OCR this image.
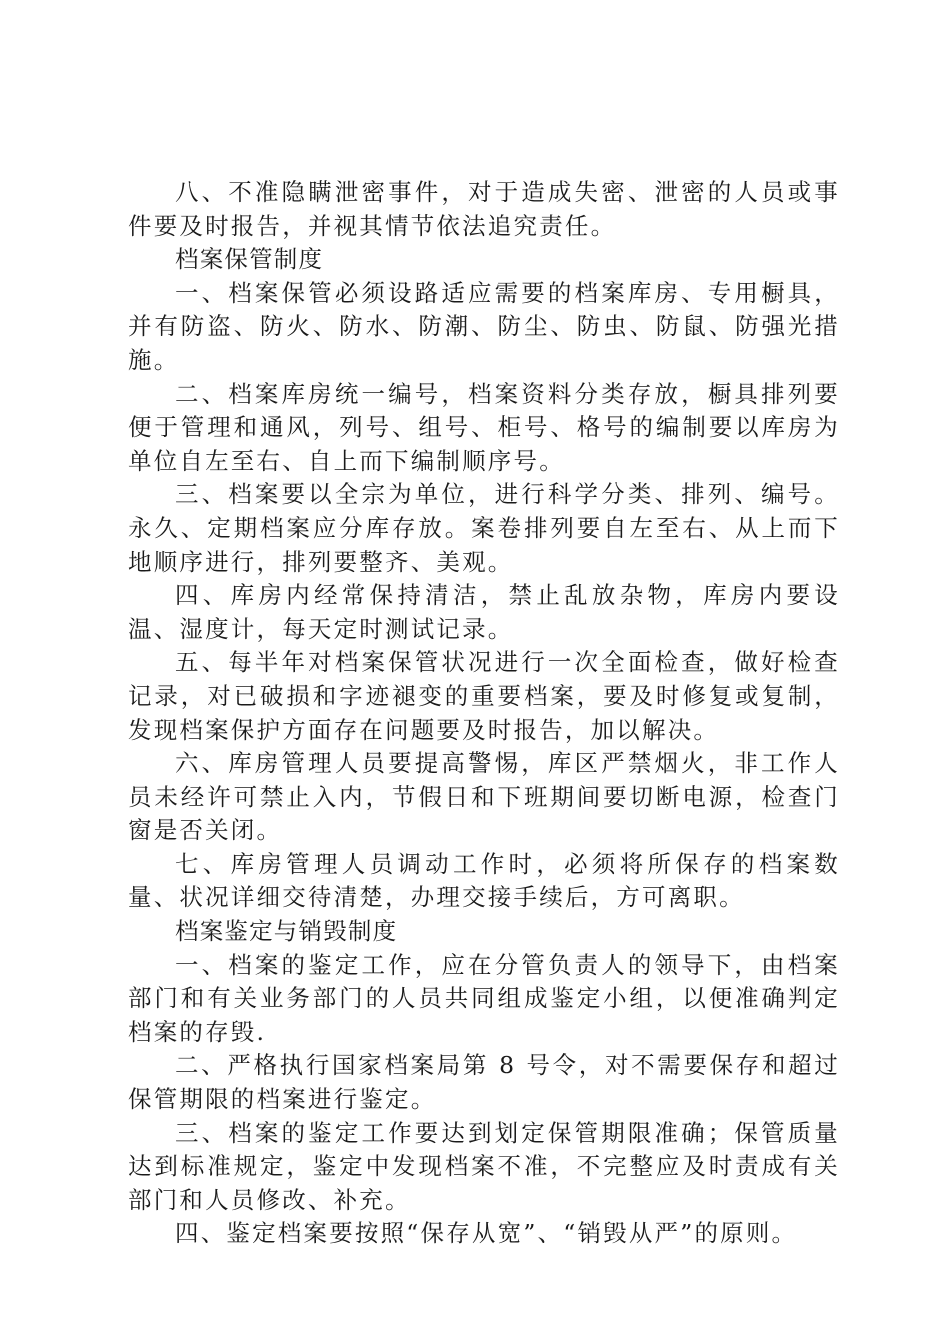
八、不准隐瞒泄密事件，对于造成失密、泄密的人员或事件要及时报告，并视其情节依法追究责任。

档案保管制度

一、档案保管必须设路适应需要的档案库房、专用橱具，并有防盗、防火、防水、防潮、防尘、防虫、防鼠、防强光措施。

二、档案库房统一编号，档案资料分类存放，橱具排列要便于管理和通风，列号、组号、柜号、格号的编制要以库房为单位自左至右、自上而下编制顺序号。

三、档案要以全宗为单位，进行科学分类、排列、编号。永久、定期档案应分库存放。案卷排列要自左至右、从上而下地顺序进行，排列要整齐、美观。

四、库房内经常保持清洁，禁止乱放杂物，库房内要设温、湿度计，每天定时测试记录。

五、每半年对档案保管状况进行一次全面检查，做好检查记录，对已破损和字迹褪变的重要档案，要及时修复或复制，发现档案保护方面存在问题要及时报告，加以解决。

六、库房管理人员要提高警惕，库区严禁烟火，非工作人员未经许可禁止入内，节假日和下班期间要切断电源，检查门窗是否关闭。

七、库房管理人员调动工作时，必须将所保存的档案数量、状况详细交待清楚，办理交接手续后，方可离职。

档案鉴定与销毁制度

一、档案的鉴定工作，应在分管负责人的领导下，由档案部门和有关业务部门的人员共同组成鉴定小组，以便准确判定档案的存毁.

二、严格执行国家档案局第 8 号令，对不需要保存和超过保管期限的档案进行鉴定。

三、档案的鉴定工作要达到划定保管期限准确；保管质量达到标准规定，鉴定中发现档案不准，不完整应及时责成有关部门和人员修改、补充。

四、鉴定档案要按照“保存从宽”、“销毁从严”的原则。
